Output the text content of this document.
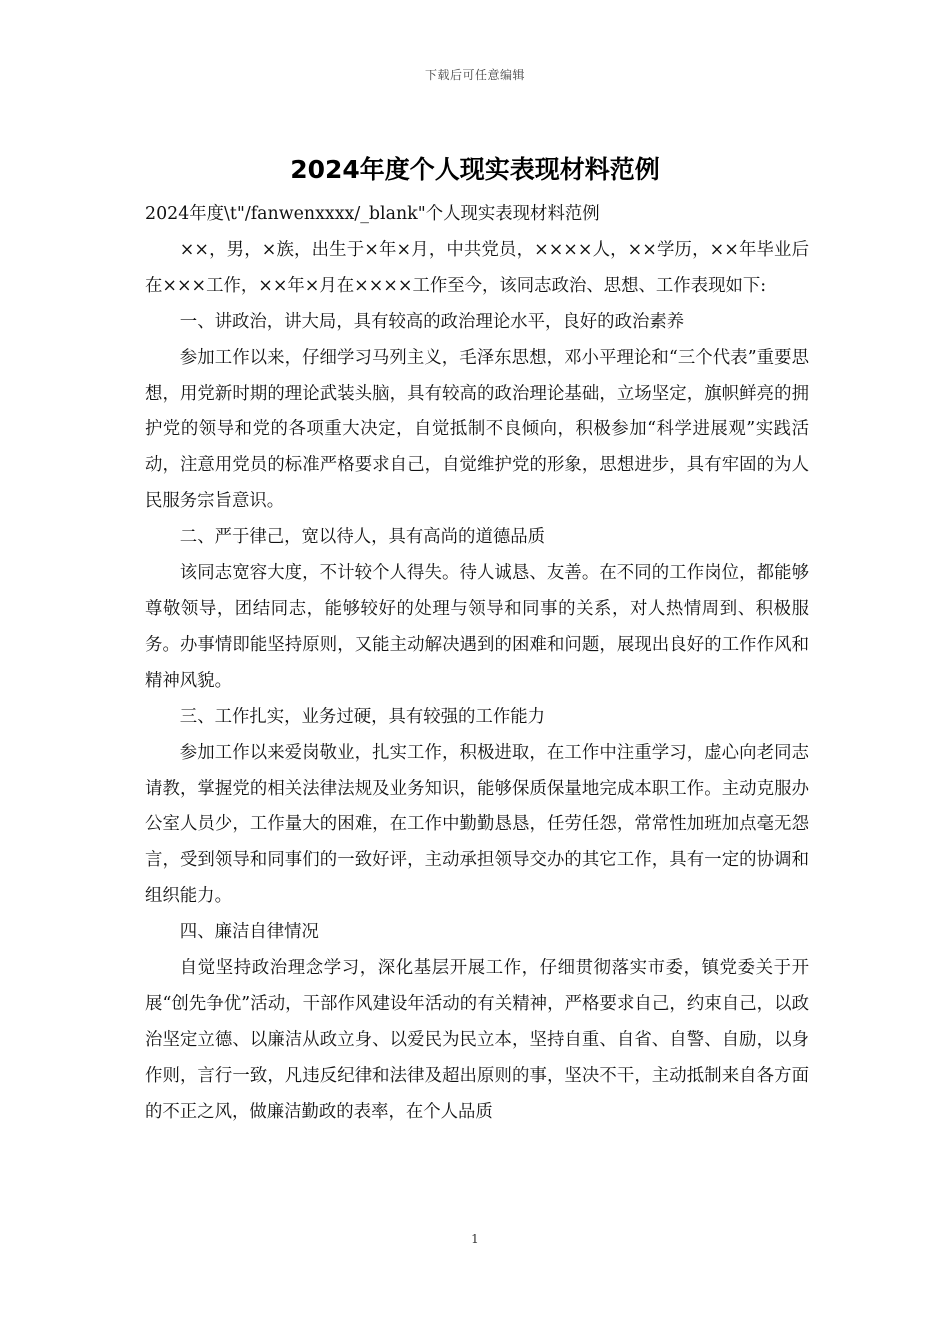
下载后可任意编辑
2024年度个人现实表现材料范例

2024年度\t"/fanwenxxxx/_blank"个人现实表现材料范例

××，男，×族，出生于×年×月，中共党员，××××人，××学历，××年毕业后在×××工作，××年×月在××××工作至今，该同志政治、思想、工作表现如下:

一、讲政治，讲大局，具有较高的政治理论水平，良好的政治素养

参加工作以来，仔细学习马列主义，毛泽东思想，邓小平理论和“三个代表”重要思想，用党新时期的理论武装头脑，具有较高的政治理论基础，立场坚定，旗帜鲜亮的拥护党的领导和党的各项重大决定，自觉抵制不良倾向，积极参加“科学进展观”实践活动，注意用党员的标准严格要求自己，自觉维护党的形象，思想进步，具有牢固的为人民服务宗旨意识。

二、严于律己，宽以待人，具有高尚的道德品质

该同志宽容大度，不计较个人得失。待人诚恳、友善。在不同的工作岗位，都能够尊敬领导，团结同志，能够较好的处理与领导和同事的关系，对人热情周到、积极服务。办事情即能坚持原则，又能主动解决遇到的困难和问题，展现出良好的工作作风和精神风貌。

三、工作扎实，业务过硬，具有较强的工作能力

参加工作以来爱岗敬业，扎实工作，积极进取，在工作中注重学习，虚心向老同志请教，掌握党的相关法律法规及业务知识，能够保质保量地完成本职工作。主动克服办公室人员少，工作量大的困难，在工作中勤勤恳恳，任劳任怨，常常性加班加点毫无怨言，受到领导和同事们的一致好评，主动承担领导交办的其它工作，具有一定的协调和组织能力。

四、廉洁自律情况

自觉坚持政治理念学习，深化基层开展工作，仔细贯彻落实市委，镇党委关于开展“创先争优”活动，干部作风建设年活动的有关精神，严格要求自己，约束自己，以政治坚定立德、以廉洁从政立身、以爱民为民立本，坚持自重、自省、自警、自励，以身作则，言行一致，凡违反纪律和法律及超出原则的事，坚决不干，主动抵制来自各方面的不正之风，做廉洁勤政的表率，在个人品质

1
